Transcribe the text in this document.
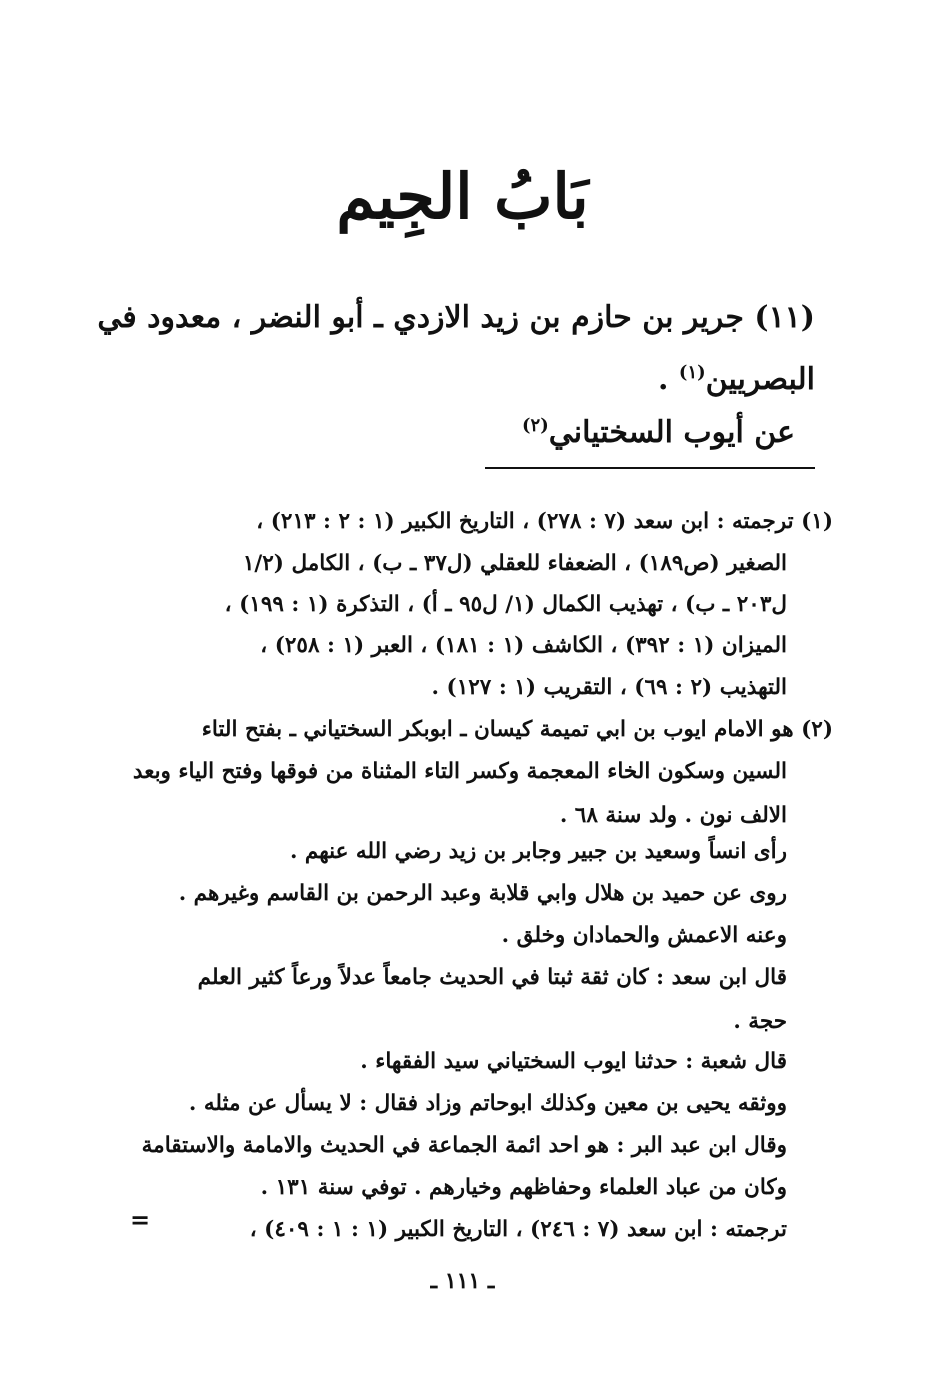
بَابُ الجِيم
(١١) جرير بن حازم بن زيد الازدي ـ أبو النضر ، معدود في
البصريين$^{(١)}$ .
عن أيوب السختياني$^{(٢)}$
(١) ترجمته : ابن سعد (٧ : ٢٧٨) ، التاريخ الكبير (١ : ٢ : ٢١٣) ،
الصغير (ص١٨٩) ، الضعفاء للعقلي (ل٣٧ ـ ب) ، الكامل (١/٢
ل٢٠٣ ـ ب) ، تهذيب الكمال (١/ ل٩٥ ـ أ) ، التذكرة (١ : ١٩٩) ،
الميزان (١ : ٣٩٢) ، الكاشف (١ : ١٨١) ، العبر (١ : ٢٥٨) ،
التهذيب (٢ : ٦٩) ، التقريب (١ : ١٢٧) .
(٢) هو الامام ايوب بن ابي تميمة كيسان ـ ابوبكر السختياني ـ بفتح التاء
السين وسكون الخاء المعجمة وكسر التاء المثناة من فوقها وفتح الياء وبعد
الالف نون . ولد سنة ٦٨ .
رأى انساً وسعيد بن جبير وجابر بن زيد رضي الله عنهم .
روى عن حميد بن هلال وابي قلابة وعبد الرحمن بن القاسم وغيرهم .
وعنه الاعمش والحمادان وخلق .
قال ابن سعد : كان ثقة ثبتا في الحديث جامعاً عدلاً ورعاً كثير العلم
حجة .
قال شعبة : حدثنا ايوب السختياني سيد الفقهاء .
ووثقه يحيى بن معين وكذلك ابوحاتم وزاد فقال : لا يسأل عن مثله .
وقال ابن عبد البر : هو احد ائمة الجماعة في الحديث والامامة والاستقامة
وكان من عباد العلماء وحفاظهم وخيارهم . توفي سنة ١٣١ .
ترجمته : ابن سعد (٧ : ٢٤٦) ، التاريخ الكبير (١ : ١ : ٤٠٩) ،
=
ـ ١١١ ـ
